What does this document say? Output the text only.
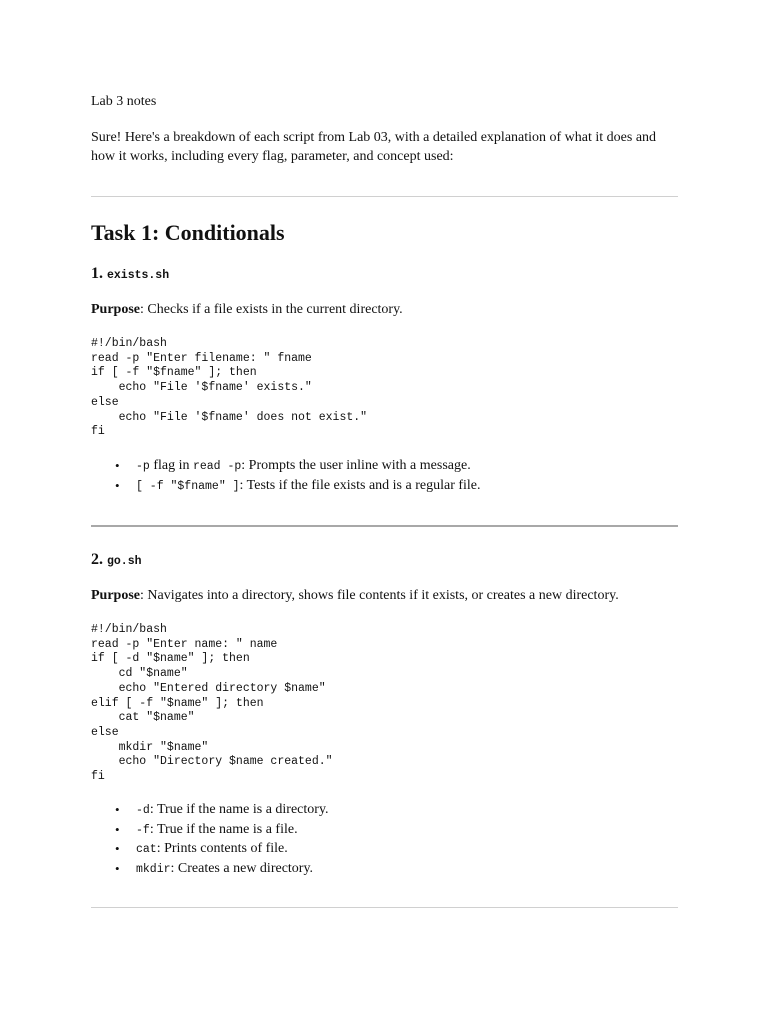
Lab 3 notes

Sure! Here's a breakdown of each script from Lab 03, with a detailed explanation of what it does and how it works, including every flag, parameter, and concept used:

Task 1: Conditionals
1. exists.sh

Purpose: Checks if a file exists in the current directory.

#!/bin/bash
read -p "Enter filename: " fname
if [ -f "$fname" ]; then
echo "File '$fname' exists."
else
echo "File '$fname' does not exist."
fi
• -p flag in read -p: Prompts the user inline with a message.
• [ -f "$fname" ]: Tests if the file exists and is a regular file.
2. go.sh

Purpose: Navigates into a directory, shows file contents if it exists, or creates a new directory.

#!/bin/bash
read -p "Enter name: " name
if [ -d "$name" ]; then
cd "$name"
echo "Entered directory $name"
elif [ -f "$name" ]; then
cat "$name"
else
mkdir "$name"
echo "Directory $name created."
fi
• -d: True if the name is a directory.
• -f: True if the name is a file.
• cat: Prints contents of file.
• mkdir: Creates a new directory.
